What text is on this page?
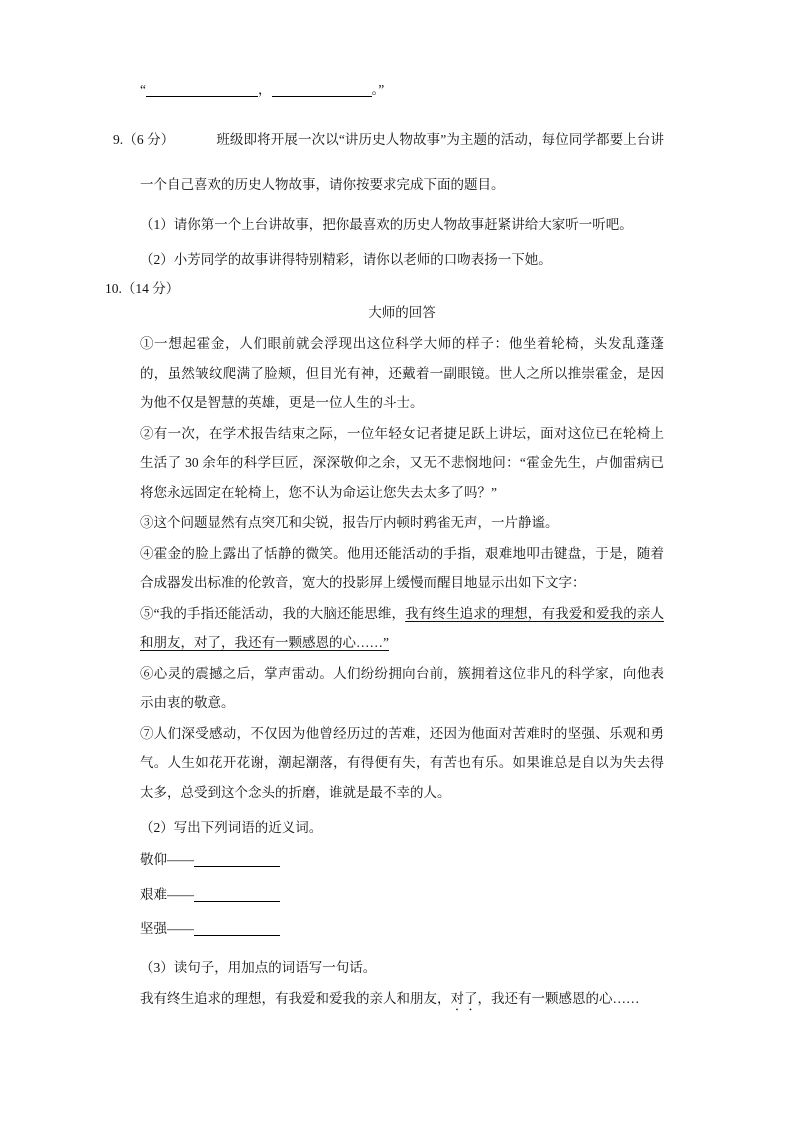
“	，	。”

9.（6 分）	班级即将开展一次以“讲历史人物故事”为主题的活动，每位同学都要上台讲一个自己喜欢的历史人物故事，请你按要求完成下面的题目。

（1）请你第一个上台讲故事，把你最喜欢的历史人物故事赶紧讲给大家听一听吧。

（2）小芳同学的故事讲得特别精彩，请你以老师的口吻表扬一下她。

10.（14 分）

大师的回答

①一想起霍金，人们眼前就会浮现出这位科学大师的样子：他坐着轮椅，头发乱蓬蓬的，虽然皱纹爬满了脸颊，但目光有神，还戴着一副眼镜。世人之所以推崇霍金，是因为他不仅是智慧的英雄，更是一位人生的斗士。

②有一次，在学术报告结束之际，一位年轻女记者捷足跃上讲坛，面对这位已在轮椅上生活了 30 余年的科学巨匠，深深敬仰之余，又无不悲悯地问：“霍金先生，卢伽雷病已将您永远固定在轮椅上，您不认为命运让您失去太多了吗？”

③这个问题显然有点突兀和尖锐，报告厅内顿时鸦雀无声，一片静谧。

④霍金的脸上露出了恬静的微笑。他用还能活动的手指，艰难地叩击键盘，于是，随着合成器发出标准的伦敦音，宽大的投影屏上缓慢而醒目地显示出如下文字：

⑤“我的手指还能活动，我的大脑还能思维，我有终生追求的理想，有我爱和爱我的亲人和朋友，对了，我还有一颗感恩的心……”

⑥心灵的震撼之后，掌声雷动。人们纷纷拥向台前，簇拥着这位非凡的科学家，向他表示由衷的敬意。

⑦人们深受感动，不仅因为他曾经历过的苦难，还因为他面对苦难时的坚强、乐观和勇气。人生如花开花谢，潮起潮落，有得便有失，有苦也有乐。如果谁总是自以为失去得太多，总受到这个念头的折磨，谁就是最不幸的人。

（2）写出下列词语的近义词。

敬仰——

艰难——

坚强——

（3）读句子，用加点的词语写一句话。

我有终生追求的理想，有我爱和爱我的亲人和朋友，对了，我还有一颗感恩的心……
